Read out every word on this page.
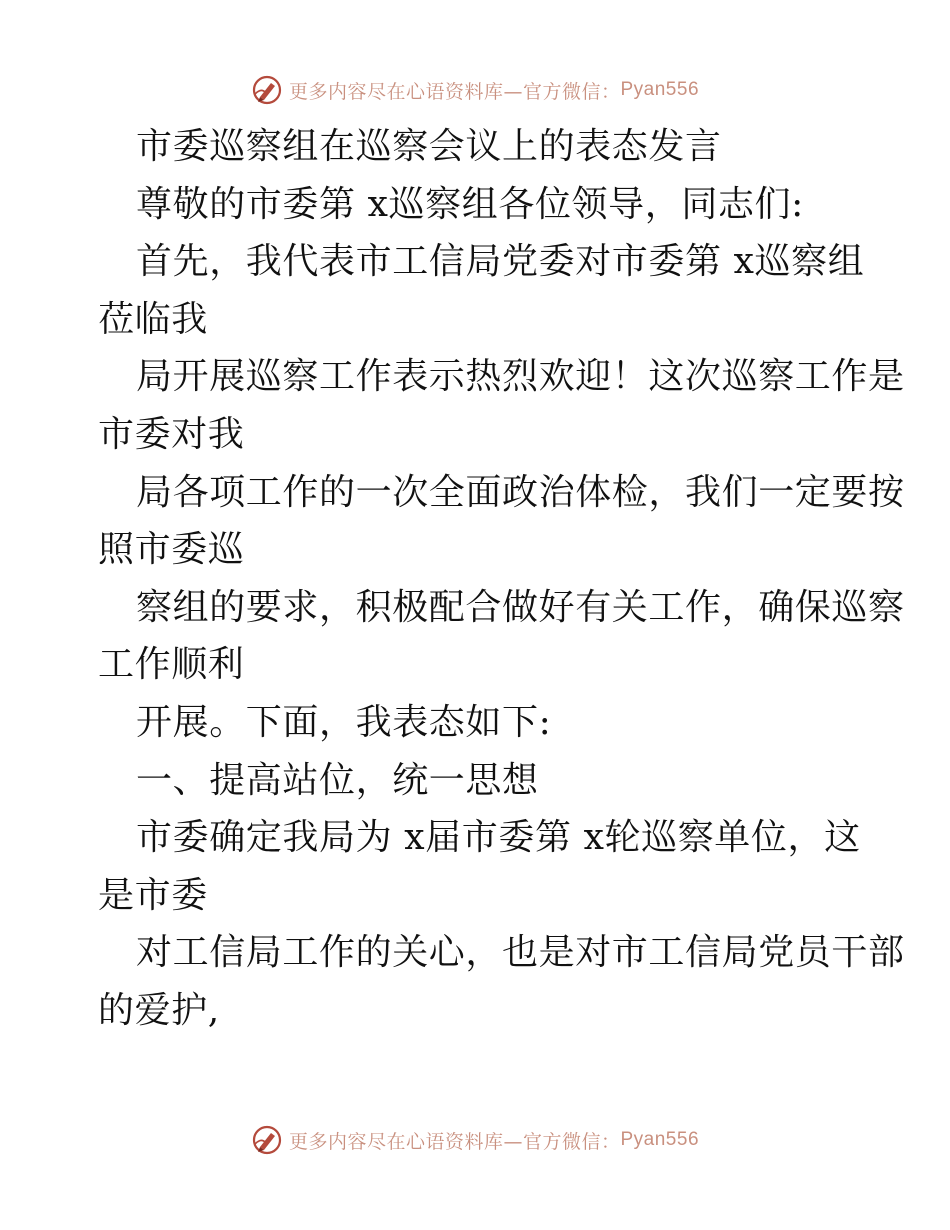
更多内容尽在心语资料库—官方微信： Pyan556
市委巡察组在巡察会议上的表态发言
尊敬的市委第 x巡察组各位领导，同志们:
首先，我代表市工信局党委对市委第 x巡察组
莅临我
局开展巡察工作表示热烈欢迎！这次巡察工作是
市委对我
局各项工作的一次全面政治体检，我们一定要按
照市委巡
察组的要求，积极配合做好有关工作，确保巡察
工作顺利
开展。下面，我表态如下:
一、提高站位，统一思想
市委确定我局为 x届市委第 x轮巡察单位，这
是市委
对工信局工作的关心，也是对市工信局党员干部
的爱护,
更多内容尽在心语资料库—官方微信： Pyan556
